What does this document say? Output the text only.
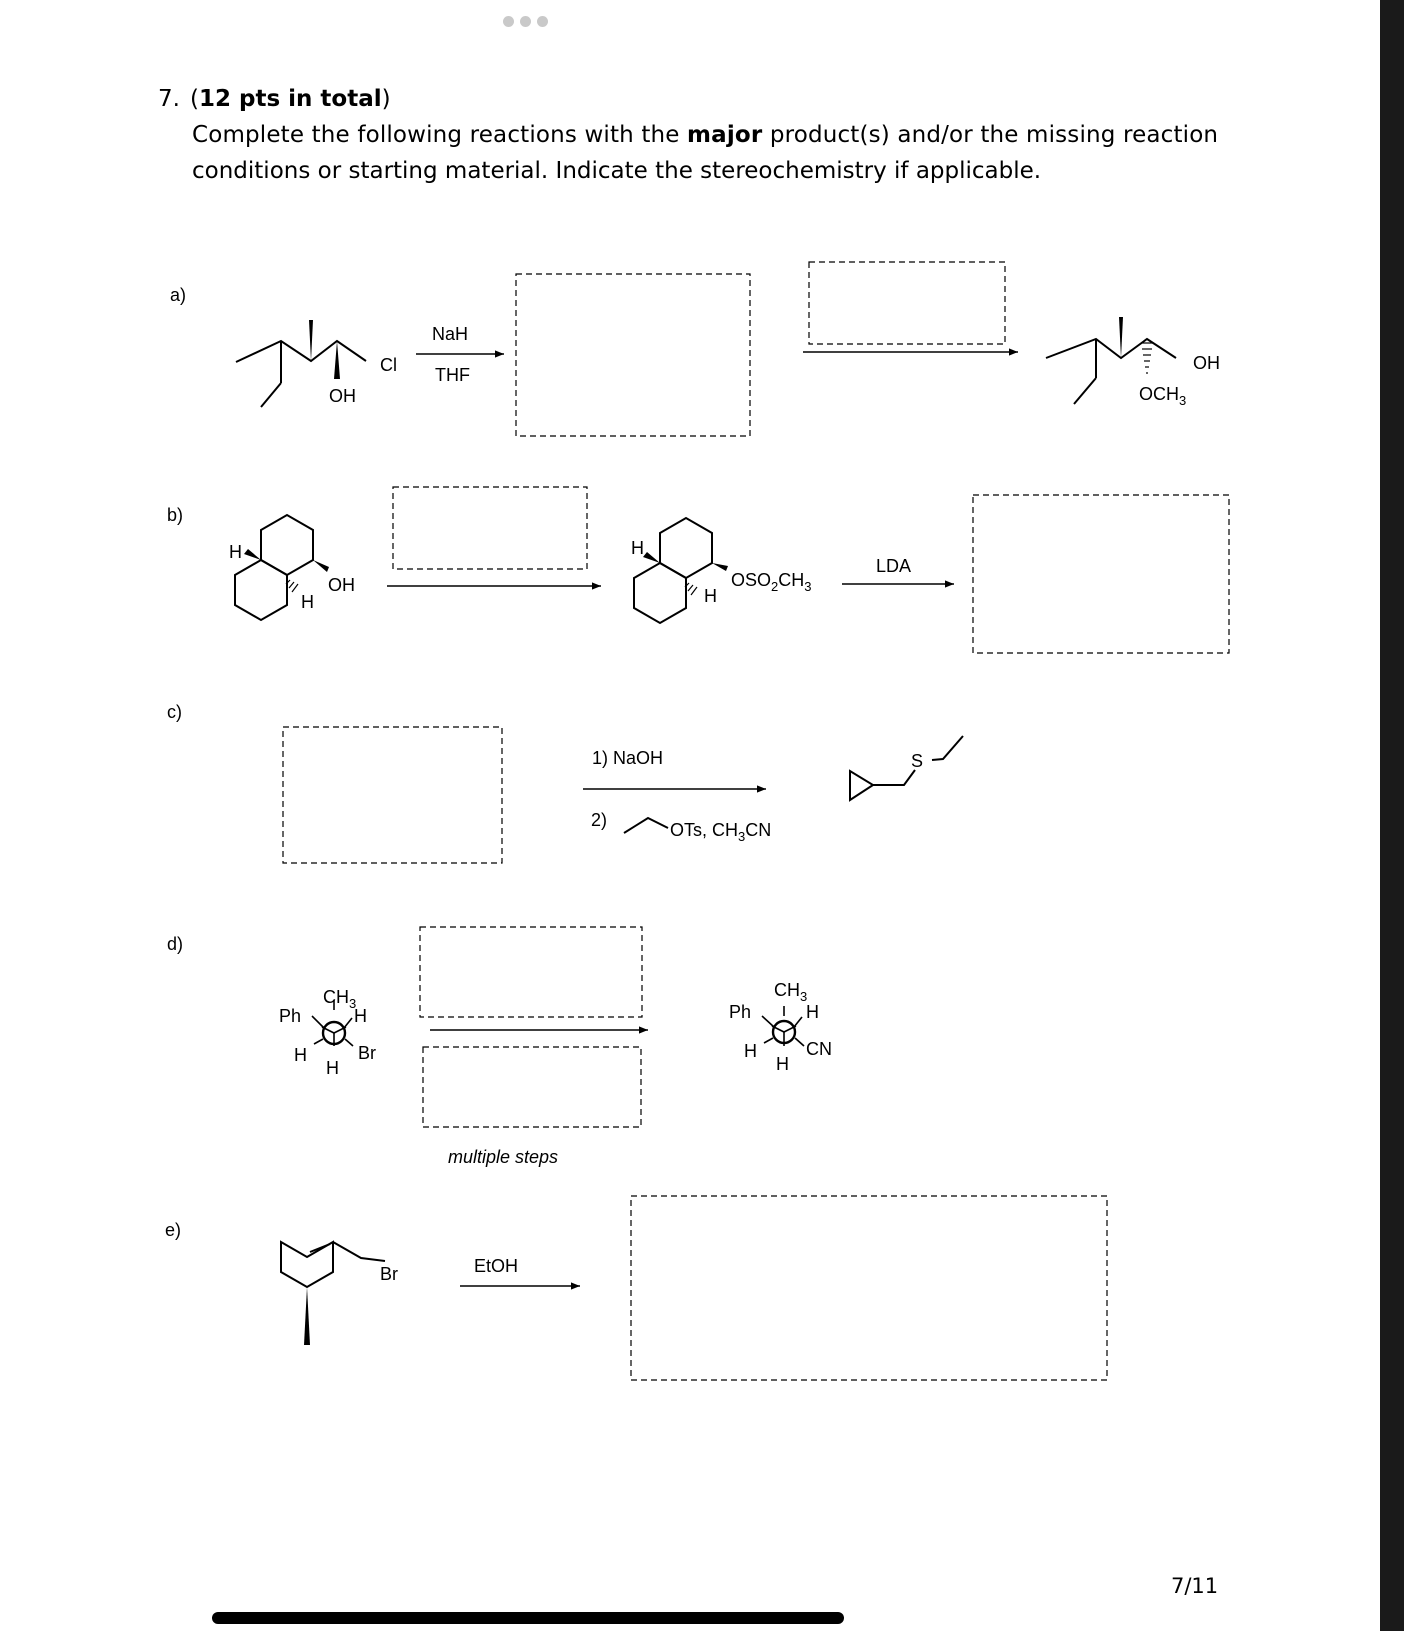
7. (12 pts in total)
Complete the following reactions with the major product(s) and/or the missing reaction
conditions or starting material. Indicate the stereochemistry if applicable.
a)
OH
Cl
NaH
THF
OH
$OCH_3$
b)
H
OH
H
H
H
$OSO_2CH_3$
LDA
c)
1) NaOH
2)	OTs, $CH_3CN$
S
d)
$CH_3$
Ph	H
H	Br
H
multiple steps
$CH_3$
Ph	H
H	CN
H
e)
Br	EtOH
7/11
